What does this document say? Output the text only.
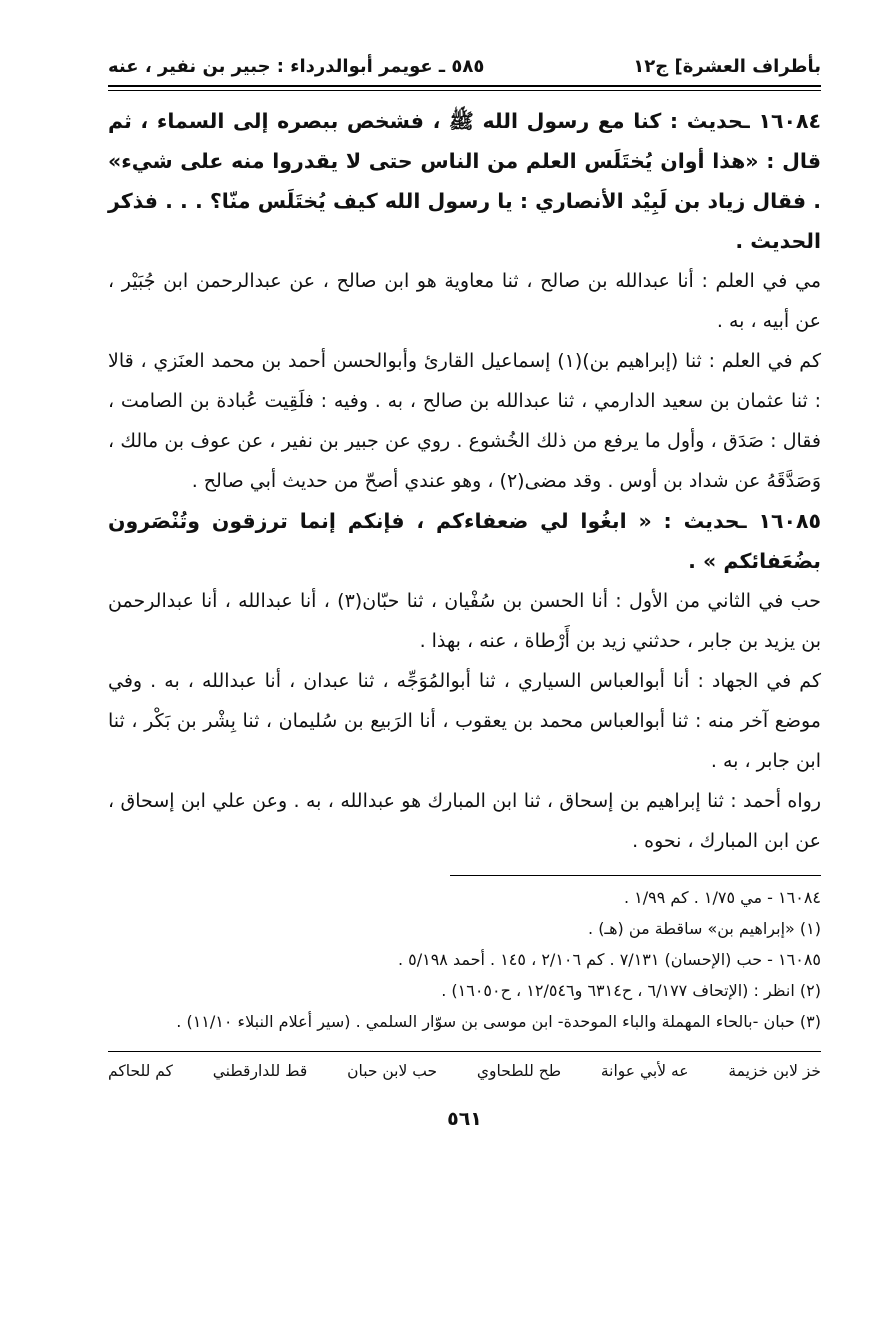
بأطراف العشرة] ج١٢
٥٨٥ ـ عويمر أبوالدرداء : جبير بن نفير ، عنه

١٦٠٨٤ ـحديث : كنا مع رسول الله ﷺ ، فشخص ببصره إلى السماء ، ثم قال : «هذا أوان يُختَلَس العلم من الناس حتى لا يقدروا منه على شيء» . فقال زياد بن لَبِيْد الأنصاري : يا رسول الله كيف يُختَلَس منّا؟ . . . فذكر الحديث .

مي في العلم : أنا عبدالله بن صالح ، ثنا معاوية هو ابن صالح ، عن عبدالرحمن ابن جُبَيْر ، عن أبيه ، به .

كم في العلم : ثنا (إبراهيم بن)(١) إسماعيل القارئ وأبوالحسن أحمد بن محمد العنَزي ، قالا : ثنا عثمان بن سعيد الدارمي ، ثنا عبدالله بن صالح ، به . وفيه : فلَقِيت عُبادة بن الصامت ، فقال : صَدَق ، وأول ما يرفع من ذلك الخُشوع . روي عن جبير بن نفير ، عن عوف بن مالك ، وَصَدَّقَهُ عن شداد بن أوس . وقد مضى(٢) ، وهو عندي أصحّ من حديث أبي صالح .

١٦٠٨٥ ـحديث : « ابغُوا لي ضعفاءكم ، فإنكم إنما ترزقون وتُنْصَرون بضُعَفائكم » .

حب في الثاني من الأول : أنا الحسن بن سُفْيان ، ثنا حبّان(٣) ، أنا عبدالله ، أنا عبدالرحمن بن يزيد بن جابر ، حدثني زيد بن أَرْطاة ، عنه ، بهذا .

كم في الجهاد : أنا أبوالعباس السياري ، ثنا أبوالمُوَجِّه ، ثنا عبدان ، أنا عبدالله ، به . وفي موضع آخر منه : ثنا أبوالعباس محمد بن يعقوب ، أنا الرَبيع بن سُليمان ، ثنا بِشْر بن بَكْر ، ثنا ابن جابر ، به .

رواه أحمد : ثنا إبراهيم بن إسحاق ، ثنا ابن المبارك هو عبدالله ، به . وعن علي ابن إسحاق ، عن ابن المبارك ، نحوه .

١٦٠٨٤ - مي ١/٧٥ . كم ١/٩٩ .

(١) «إبراهيم بن» ساقطة من (هـ) .

١٦٠٨٥ - حب (الإحسان) ٧/١٣١ . كم ٢/١٠٦ ، ١٤٥ . أحمد ٥/١٩٨ .

(٢) انظر : (الإتحاف ٦/١٧٧ ، ح٦٣١٤ و١٢/٥٤٦ ، ح١٦٠٥٠) .

(٣) حبان -بالحاء المهملة والباء الموحدة- ابن موسى بن سوّار السلمي . (سير أعلام النبلاء ١١/١٠) .

خز لابن خزيمة
عه لأبي عوانة
طح للطحاوي
حب لابن حبان
قط للدارقطني
كم للحاكم
٥٦١
